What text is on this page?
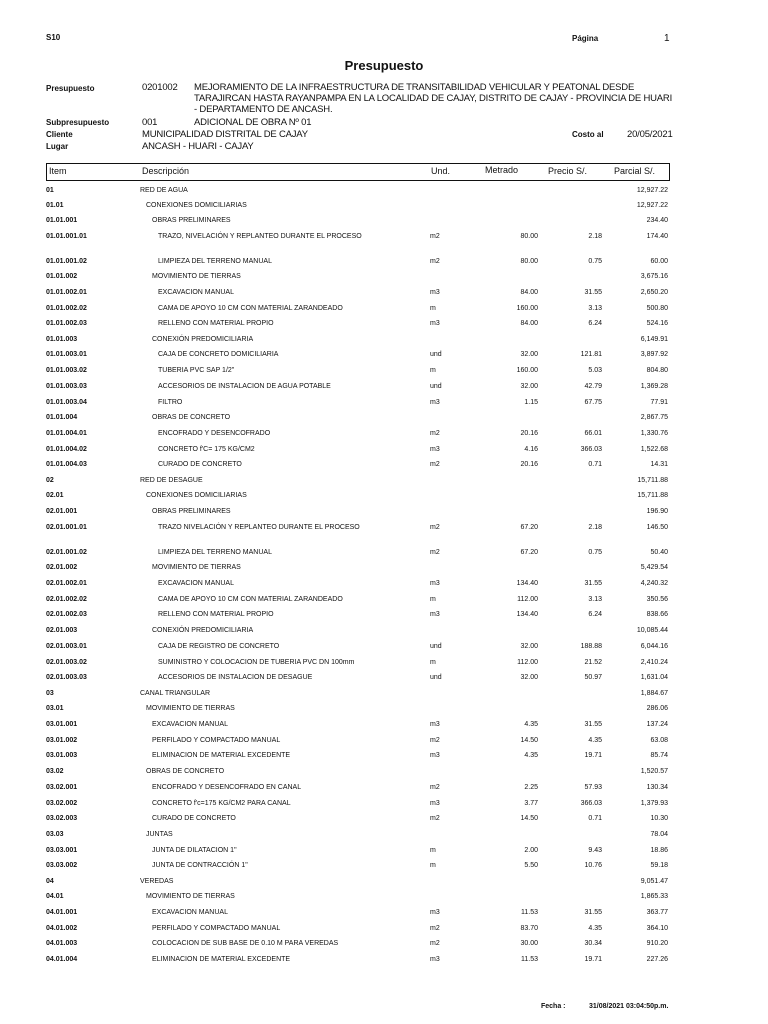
S10	Página	1
Presupuesto
Presupuesto	0201002 MEJORAMIENTO DE LA INFRAESTRUCTURA DE TRANSITABILIDAD VEHICULAR Y PEATONAL DESDE TARAJIRCAN HASTA RAYANPAMPA EN LA LOCALIDAD DE CAJAY, DISTRITO DE CAJAY - PROVINCIA DE HUARI - DEPARTAMENTO DE ANCASH.
Subpresupuesto	001	ADICIONAL DE OBRA Nº 01
Cliente	MUNICIPALIDAD DISTRITAL DE CAJAY	Costo al 20/05/2021
Lugar	ANCASH - HUARI - CAJAY
Item	Descripción	Und.	Metrado	Precio S/.	Parcial S/.
01	RED DE AGUA	12,927.22
01.01	CONEXIONES DOMICILIARIAS	12,927.22
01.01.001	OBRAS PRELIMINARES	234.40
01.01.001.01	TRAZO, NIVELACIÓN Y REPLANTEO DURANTE EL PROCESO	m2	80.00	2.18	174.40
01.01.001.02	LIMPIEZA DEL TERRENO MANUAL	m2	80.00	0.75	60.00
01.01.002	MOVIMIENTO DE TIERRAS	3,675.16
01.01.002.01	EXCAVACION MANUAL	m3	84.00	31.55	2,650.20
01.01.002.02	CAMA DE APOYO 10 CM CON MATERIAL ZARANDEADO	m	160.00	3.13	500.80
01.01.002.03	RELLENO CON MATERIAL PROPIO	m3	84.00	6.24	524.16
01.01.003	CONEXIÓN PREDOMICILIARIA	6,149.91
01.01.003.01	CAJA DE CONCRETO DOMICILIARIA	und	32.00	121.81	3,897.92
01.01.003.02	TUBERIA PVC SAP 1/2"	m	160.00	5.03	804.80
01.01.003.03	ACCESORIOS DE INSTALACION DE AGUA POTABLE	und	32.00	42.79	1,369.28
01.01.003.04	FILTRO	m3	1.15	67.75	77.91
01.01.004	OBRAS DE CONCRETO	2,867.75
01.01.004.01	ENCOFRADO Y DESENCOFRADO	m2	20.16	66.01	1,330.76
01.01.004.02	CONCRETO f'C= 175 KG/CM2	m3	4.16	366.03	1,522.68
01.01.004.03	CURADO DE CONCRETO	m2	20.16	0.71	14.31
02	RED DE DESAGUE	15,711.88
02.01	CONEXIONES DOMICILIARIAS	15,711.88
02.01.001	OBRAS PRELIMINARES	196.90
02.01.001.01	TRAZO NIVELACIÓN Y REPLANTEO DURANTE EL PROCESO	m2	67.20	2.18	146.50
02.01.001.02	LIMPIEZA DEL TERRENO MANUAL	m2	67.20	0.75	50.40
02.01.002	MOVIMIENTO DE TIERRAS	5,429.54
02.01.002.01	EXCAVACION MANUAL	m3	134.40	31.55	4,240.32
02.01.002.02	CAMA DE APOYO 10 CM CON MATERIAL ZARANDEADO	m	112.00	3.13	350.56
02.01.002.03	RELLENO CON MATERIAL PROPIO	m3	134.40	6.24	838.66
02.01.003	CONEXIÓN PREDOMICILIARIA	10,085.44
02.01.003.01	CAJA DE REGISTRO DE CONCRETO	und	32.00	188.88	6,044.16
02.01.003.02	SUMINISTRO Y COLOCACION DE TUBERIA PVC DN 100mm	m	112.00	21.52	2,410.24
02.01.003.03	ACCESORIOS DE INSTALACION DE DESAGUE	und	32.00	50.97	1,631.04
03	CANAL TRIANGULAR	1,884.67
03.01	MOVIMIENTO DE TIERRAS	286.06
03.01.001	EXCAVACION MANUAL	m3	4.35	31.55	137.24
03.01.002	PERFILADO Y COMPACTADO MANUAL	m2	14.50	4.35	63.08
03.01.003	ELIMINACION DE MATERIAL EXCEDENTE	m3	4.35	19.71	85.74
03.02	OBRAS DE CONCRETO	1,520.57
03.02.001	ENCOFRADO Y DESENCOFRADO EN CANAL	m2	2.25	57.93	130.34
03.02.002	CONCRETO f'c=175 KG/CM2 PARA CANAL	m3	3.77	366.03	1,379.93
03.02.003	CURADO DE CONCRETO	m2	14.50	0.71	10.30
03.03	JUNTAS	78.04
03.03.001	JUNTA DE DILATACION 1"	m	2.00	9.43	18.86
03.03.002	JUNTA DE CONTRACCIÓN 1"	m	5.50	10.76	59.18
04	VEREDAS	9,051.47
04.01	MOVIMIENTO DE TIERRAS	1,865.33
04.01.001	EXCAVACION MANUAL	m3	11.53	31.55	363.77
04.01.002	PERFILADO Y COMPACTADO MANUAL	m2	83.70	4.35	364.10
04.01.003	COLOCACION DE SUB BASE DE 0.10 M PARA VEREDAS	m2	30.00	30.34	910.20
04.01.004	ELIMINACION DE MATERIAL EXCEDENTE	m3	11.53	19.71	227.26
Fecha :	31/08/2021 03:04:50p.m.
